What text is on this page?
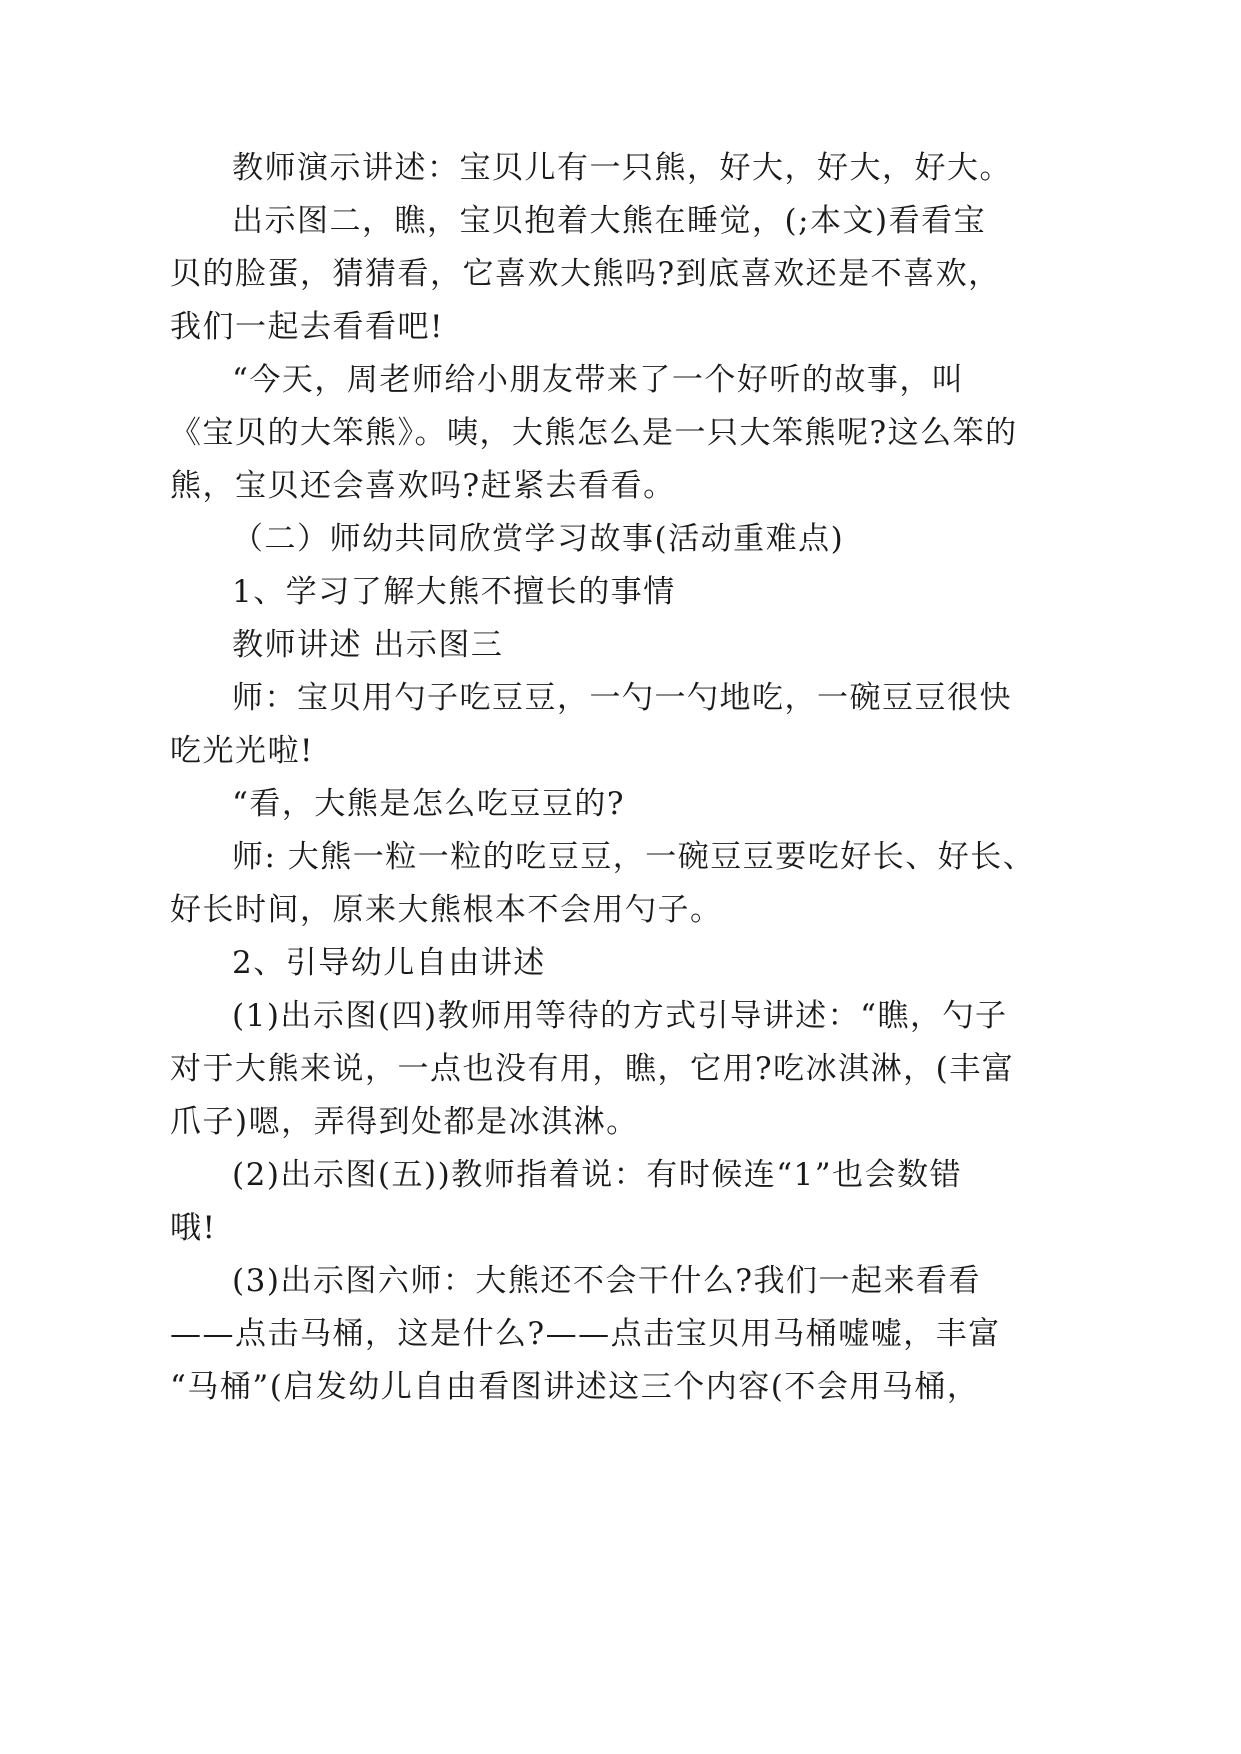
教师演示讲述：宝贝儿有一只熊，好大，好大，好大。

出示图二，瞧，宝贝抱着大熊在睡觉，(;本文)看看宝

贝的脸蛋，猜猜看，它喜欢大熊吗?到底喜欢还是不喜欢，

我们一起去看看吧!

“今天，周老师给小朋友带来了一个好听的故事，叫

《宝贝的大笨熊》。咦，大熊怎么是一只大笨熊呢?这么笨的

熊，宝贝还会喜欢吗?赶紧去看看。

（二）师幼共同欣赏学习故事(活动重难点)

1、学习了解大熊不擅长的事情

教师讲述 出示图三

师：宝贝用勺子吃豆豆，一勺一勺地吃，一碗豆豆很快

吃光光啦!

“看，大熊是怎么吃豆豆的?

师: 大熊一粒一粒的吃豆豆，一碗豆豆要吃好长、好长、

好长时间，原来大熊根本不会用勺子。

2、引导幼儿自由讲述

(1)出示图(四)教师用等待的方式引导讲述：“瞧，勺子

对于大熊来说，一点也没有用，瞧，它用?吃冰淇淋，(丰富

爪子)嗯，弄得到处都是冰淇淋。

(2)出示图(五))教师指着说：有时候连“1”也会数错

哦!

(3)出示图六师：大熊还不会干什么?我们一起来看看

——点击马桶，这是什么?——点击宝贝用马桶嘘嘘，丰富

“马桶”(启发幼儿自由看图讲述这三个内容(不会用马桶，
